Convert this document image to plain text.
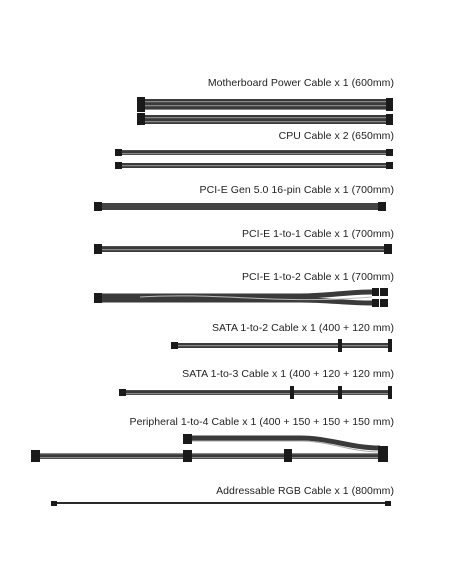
Motherboard Power Cable x 1 (600mm)
CPU Cable x 2 (650mm)
PCI-E Gen 5.0 16-pin Cable x 1 (700mm)
PCI-E 1-to-1 Cable x 1 (700mm)
PCI-E 1-to-2 Cable x 1 (700mm)
SATA 1-to-2 Cable x 1 (400 + 120 mm)
SATA 1-to-3 Cable x 1 (400 + 120 + 120 mm)
Peripheral 1-to-4 Cable x 1 (400 + 150 + 150 + 150 mm)
Addressable RGB Cable x 1 (800mm)
